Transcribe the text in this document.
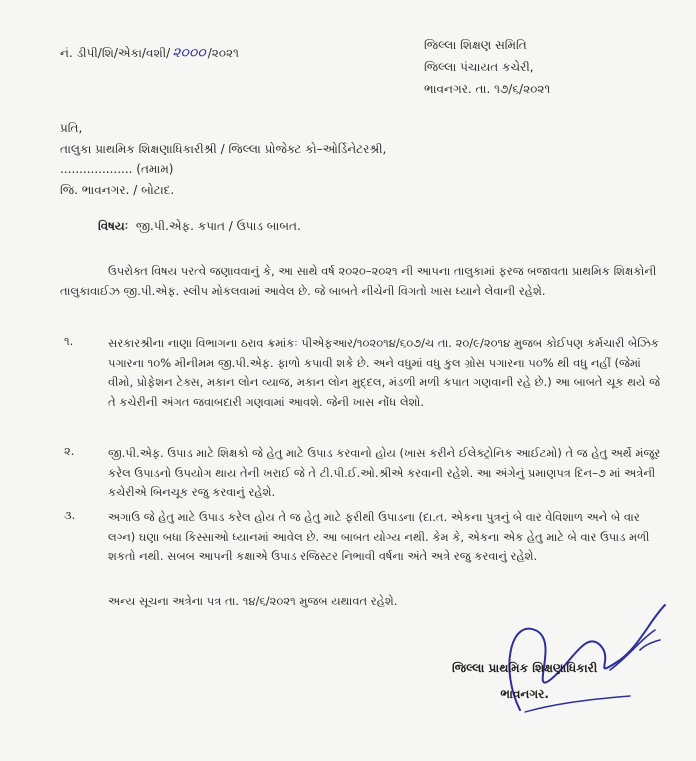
નં. ડીપી/શિ/એકા/વશી/ ૨૦૦૦ /૨૦૨૧
જિલ્લા શિક્ષણ સમિતિ
જિલ્લા પંચાયત કચેરી,
ભાવનગર. તા. ૧૭/૬/૨૦૨૧
પ્રતિ,
તાલુકા પ્રાથમિક શિક્ષણાધિકારીશ્રી / જિલ્લા પ્રોજેક્ટ કો–ઓર્ડિનેટરશ્રી,
................... (તમામ)
જિ. ભાવનગર. / બોટાદ.
વિષયઃ જી.પી.એફ. કપાત / ઉપાડ બાબત.
ઉપરોક્ત વિષય પરત્વે જણાવવાનું કે, આ સાથે વર્ષ ૨૦૨૦–૨૦૨૧ ની આપના તાલુકામાં ફરજ બજાવતા પ્રાથમિક શિક્ષકોની તાલુકાવાઈઝ જી.પી.એફ. સ્લીપ મોકલવામાં આવેલ છે. જે બાબતે નીચેની વિગતો ખાસ ધ્યાને લેવાની રહેશે.
૧.	સરકારશ્રીના નાણા વિભાગના ઠરાવ ક્રમાંકઃ પીએફઆર/૧૦૨૦૧૪/૬૦૭/ચ તા. ૨૦/૯/૨૦૧૪ મુજબ કોઈપણ કર્મચારી બેઝિક પગારના ૧૦% મીનીમમ જી.પી.એફ. ફાળો કપાવી શકે છે. અને વધુમાં વધુ કુલ ગ્રોસ પગારના ૫૦% થી વધુ નહીં (જેમાં વીમો, પ્રોફેશન ટેક્સ, મકાન લોન વ્યાજ, મકાન લોન મુદ્દલ, મંડળી મળી કપાત ગણવાની રહે છે.) આ બાબતે ચૂક થયે જે તે કચેરીની અંગત જવાબદારી ગણવામાં આવશે. જેની ખાસ નોંધ લેશો.
૨.	જી.પી.એફ. ઉપાડ માટે શિક્ષકો જે હેતુ માટે ઉપાડ કરવાનો હોય (ખાસ કરીને ઈલેક્ટ્રોનિક આઈટમો) તે જ હેતુ અર્થે મંજૂર કરેલ ઉપાડનો ઉપયોગ થાય તેની ખરાઈ જે તે ટી.પી.ઈ.ઓ.શ્રીએ કરવાની રહેશે. આ અંગેનું પ્રમાણપત્ર દિન–૭ માં અત્રેની કચેરીએ બિનચૂક રજુ કરવાનું રહેશે.
૩.	અગાઉ જે હેતુ માટે ઉપાડ કરેલ હોય તે જ હેતુ માટે ફરીથી ઉપાડના (દા.ત. એકના પુત્રનું બે વાર વેવિશાળ અને બે વાર લગ્ન) ઘણા બધા કિસ્સાઓ ધ્યાનમાં આવેલ છે. આ બાબત યોગ્ય નથી. કેમ કે, એકના એક હેતુ માટે બે વાર ઉપાડ મળી શકતો નથી. સબબ આપની કક્ષાએ ઉપાડ રજિસ્ટર નિભાવી વર્ષના અંતે અત્રે રજુ કરવાનું રહેશે.
અન્ય સૂચના અત્રેના પત્ર તા. ૧૪/૬/૨૦૨૧ મુજબ યથાવત રહેશે.
જિલ્લા પ્રાથમિક શિક્ષણાધિકારી
ભાવનગર.
